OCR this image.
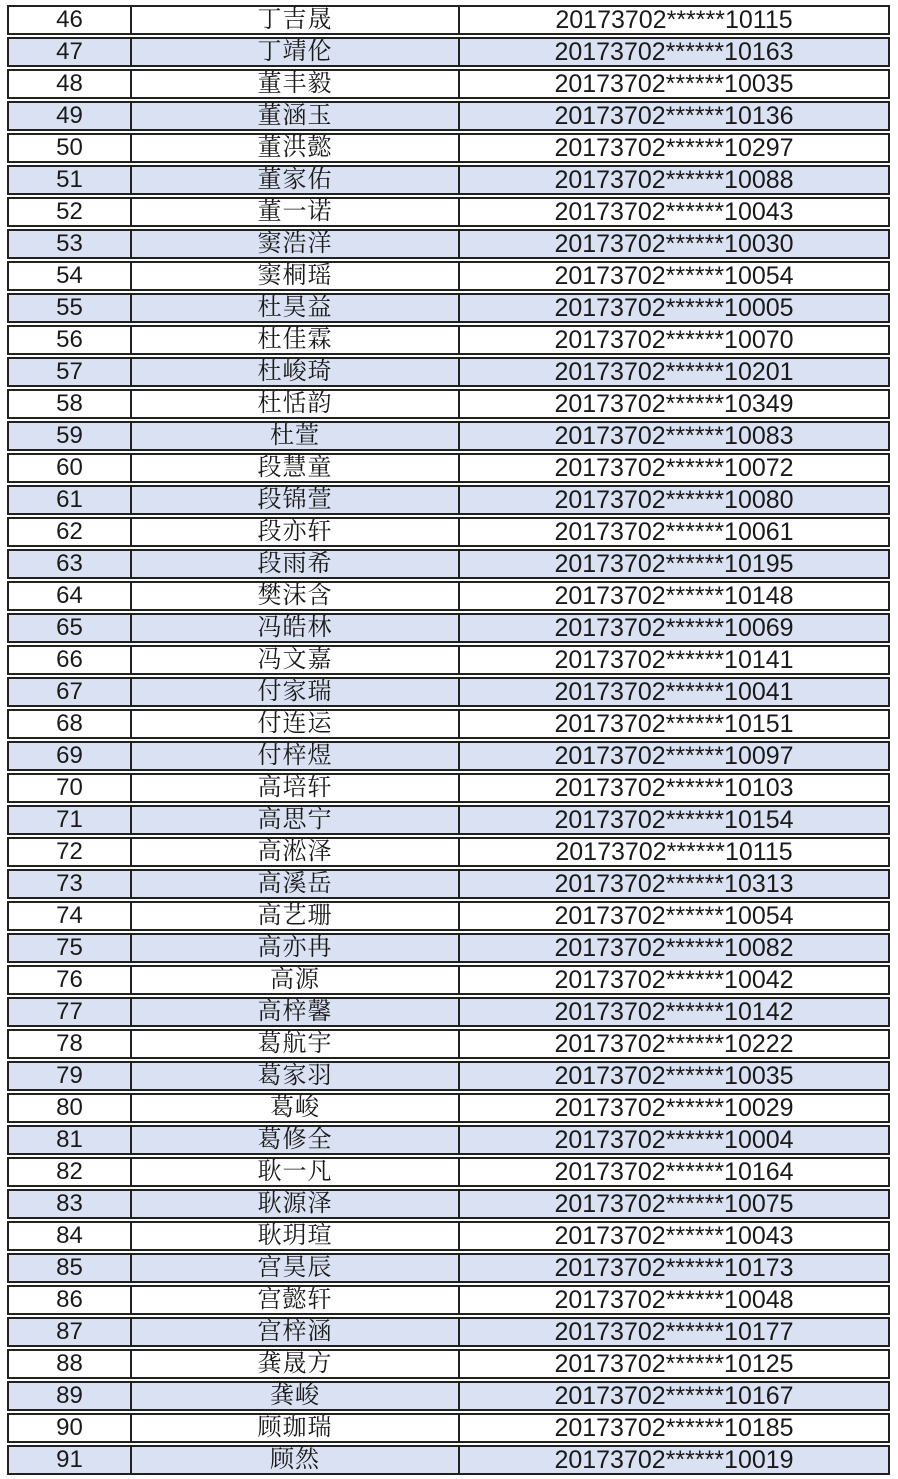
46	丁吉晟	20173702******10115
47	丁靖伦	20173702******10163
48	董丰毅	20173702******10035
49	董涵玉	20173702******10136
50	董洪懿	20173702******10297
51	董家佑	20173702******10088
52	董一诺	20173702******10043
53	窦浩洋	20173702******10030
54	窦桐瑶	20173702******10054
55	杜昊益	20173702******10005
56	杜佳霖	20173702******10070
57	杜峻琦	20173702******10201
58	杜恬韵	20173702******10349
59	杜萱	20173702******10083
60	段慧童	20173702******10072
61	段锦萱	20173702******10080
62	段亦轩	20173702******10061
63	段雨希	20173702******10195
64	樊沫含	20173702******10148
65	冯皓林	20173702******10069
66	冯文嘉	20173702******10141
67	付家瑞	20173702******10041
68	付连运	20173702******10151
69	付梓煜	20173702******10097
70	高培轩	20173702******10103
71	高思宁	20173702******10154
72	高淞泽	20173702******10115
73	高溪岳	20173702******10313
74	高艺珊	20173702******10054
75	高亦冉	20173702******10082
76	高源	20173702******10042
77	高梓馨	20173702******10142
78	葛航宇	20173702******10222
79	葛家羽	20173702******10035
80	葛峻	20173702******10029
81	葛修全	20173702******10004
82	耿一凡	20173702******10164
83	耿源泽	20173702******10075
84	耿玥瑄	20173702******10043
85	宫昊辰	20173702******10173
86	宫懿轩	20173702******10048
87	宫梓涵	20173702******10177
88	龚晟方	20173702******10125
89	龚峻	20173702******10167
90	顾珈瑞	20173702******10185
91	顾然	20173702******10019
